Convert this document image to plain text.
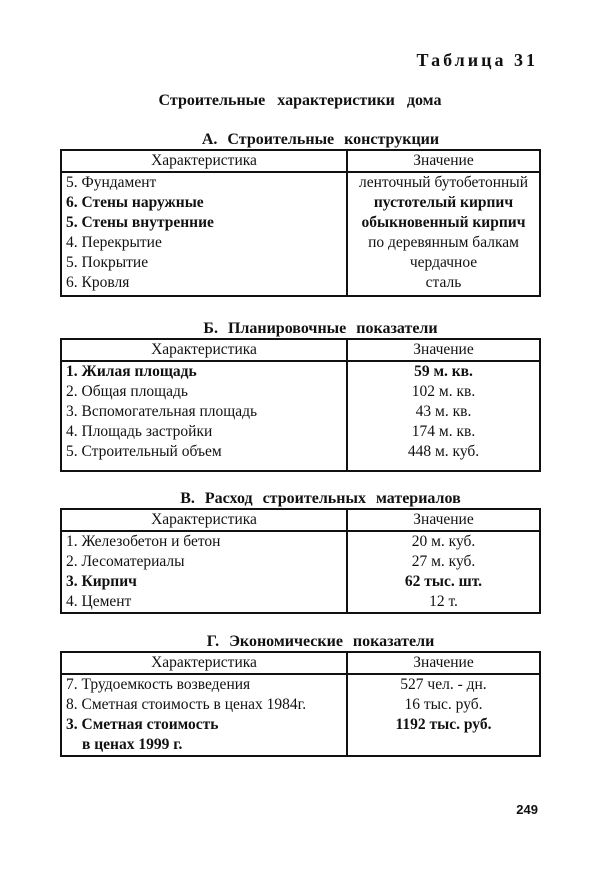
Таблица 31
Строительные характеристики дома
А. Строительные конструкции
Характеристика	Значение
5. Фундамент	ленточный бутобетонный
6. Стены наружные	пустотелый кирпич
5. Стены внутренние	обыкновенный кирпич
4. Перекрытие	по деревянным балкам
5. Покрытие	чердачное
6. Кровля	сталь
Б. Планировочные показатели
Характеристика	Значение
1. Жилая площадь	59 м. кв.
2. Общая площадь	102 м. кв.
3. Вспомогательная площадь	43 м. кв.
4. Площадь застройки	174 м. кв.
5. Строительный объем	448 м. куб.
В. Расход строительных материалов
Характеристика	Значение
1. Железобетон и бетон	20 м. куб.
2. Лесоматериалы	27 м. куб.
3. Кирпич	62 тыс. шт.
4. Цемент	12 т.
Г. Экономические показатели
Характеристика	Значение
7. Трудоемкость возведения	527 чел. - дн.
8. Сметная стоимость в ценах 1984г.	16 тыс. руб.
3. Сметная стоимость
в ценах 1999 г.	1192 тыс. руб.
249
